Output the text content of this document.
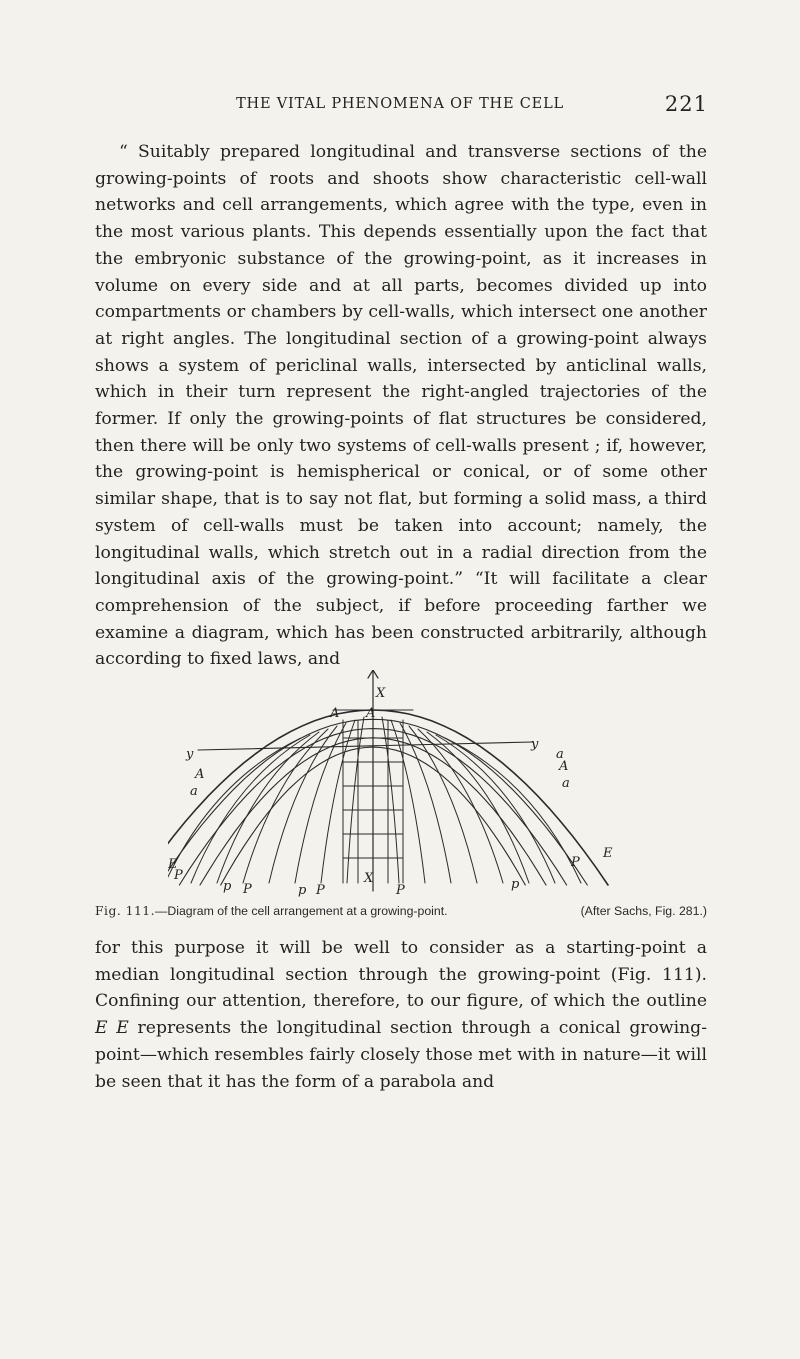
THE VITAL PHENOMENA OF THE CELL	221

“ Suitably prepared longitudinal and transverse sections of the growing-points of roots and shoots show characteristic cell-wall networks and cell arrangements, which agree with the type, even in the most various plants. This depends essentially upon the fact that the embryonic substance of the growing-point, as it increases in volume on every side and at all parts, becomes divided up into compartments or chambers by cell-walls, which intersect one another at right angles. The longitudinal section of a growing-point always shows a system of periclinal walls, intersected by anticlinal walls, which in their turn represent the right-angled trajectories of the former. If only the growing-points of flat structures be considered, then there will be only two systems of cell-walls present ; if, however, the growing-point is hemispherical or conical, or of some other similar shape, that is to say not flat, but forming a solid mass, a third system of cell-walls must be taken into account; namely, the longitudinal walls, which stretch out in a radial direction from the longitudinal axis of the growing-point.” “It will facilitate a clear comprehension of the subject, if before proceeding farther we examine a diagram, which has been constructed arbitrarily, although according to fixed laws, and

X
X
A A
A
A
a
a
a
y
y
E
E
P
p P	p P	P	p
P
Fig. 111.—Diagram of the cell arrangement at a growing-point.	(After Sachs, Fig. 281.)

for this purpose it will be well to consider as a starting-point a median longitudinal section through the growing-point (Fig. 111). Confining our attention, therefore, to our figure, of which the outline E E represents the longitudinal section through a conical growing-point—which resembles fairly closely those met with in nature—it will be seen that it has the form of a parabola and
